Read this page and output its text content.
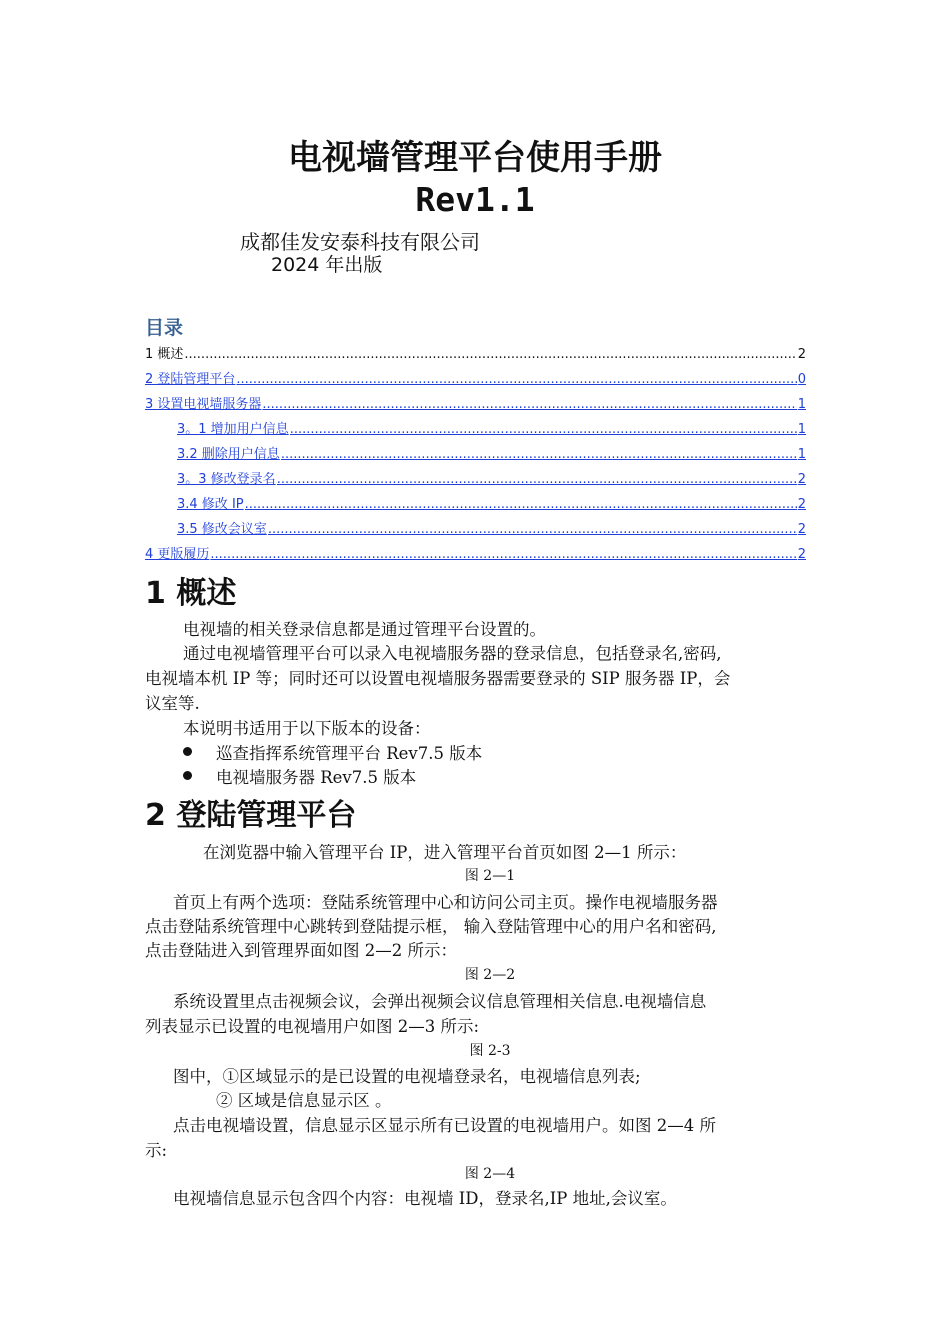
电视墙管理平台使用手册
Rev1.1
成都佳发安泰科技有限公司
2024 年出版
目录
1 概述 .....	2
2 登陆管理平台 .....	0
3 设置电视墙服务器 .....	1
3。1 增加用户信息 .....	1
3.2 删除用户信息 .....	1
3。3 修改登录名 .....	2
3.4 修改 IP .....	2
3.5 修改会议室 .....	2
4 更版履历 .....	2
1 概述
电视墙的相关登录信息都是通过管理平台设置的。
通过电视墙管理平台可以录入电视墙服务器的登录信息，包括登录名,密码,
电视墙本机 IP 等；同时还可以设置电视墙服务器需要登录的 SIP 服务器 IP，会
议室等.
本说明书适用于以下版本的设备：
巡查指挥系统管理平台 Rev7.5 版本
电视墙服务器 Rev7.5 版本
2 登陆管理平台
在浏览器中输入管理平台 IP，进入管理平台首页如图 2—1 所示：
图 2—1
首页上有两个选项：登陆系统管理中心和访问公司主页。操作电视墙服务器
点击登陆系统管理中心跳转到登陆提示框， 输入登陆管理中心的用户名和密码,
点击登陆进入到管理界面如图 2—2 所示：
图 2—2
系统设置里点击视频会议，会弹出视频会议信息管理相关信息.电视墙信息
列表显示已设置的电视墙用户如图 2—3 所示:
图 2-3
图中，①区域显示的是已设置的电视墙登录名，电视墙信息列表;
② 区域是信息显示区 。
点击电视墙设置，信息显示区显示所有已设置的电视墙用户。如图 2—4 所
示:
图 2—4
电视墙信息显示包含四个内容：电视墙 ID，登录名,IP 地址,会议室。
